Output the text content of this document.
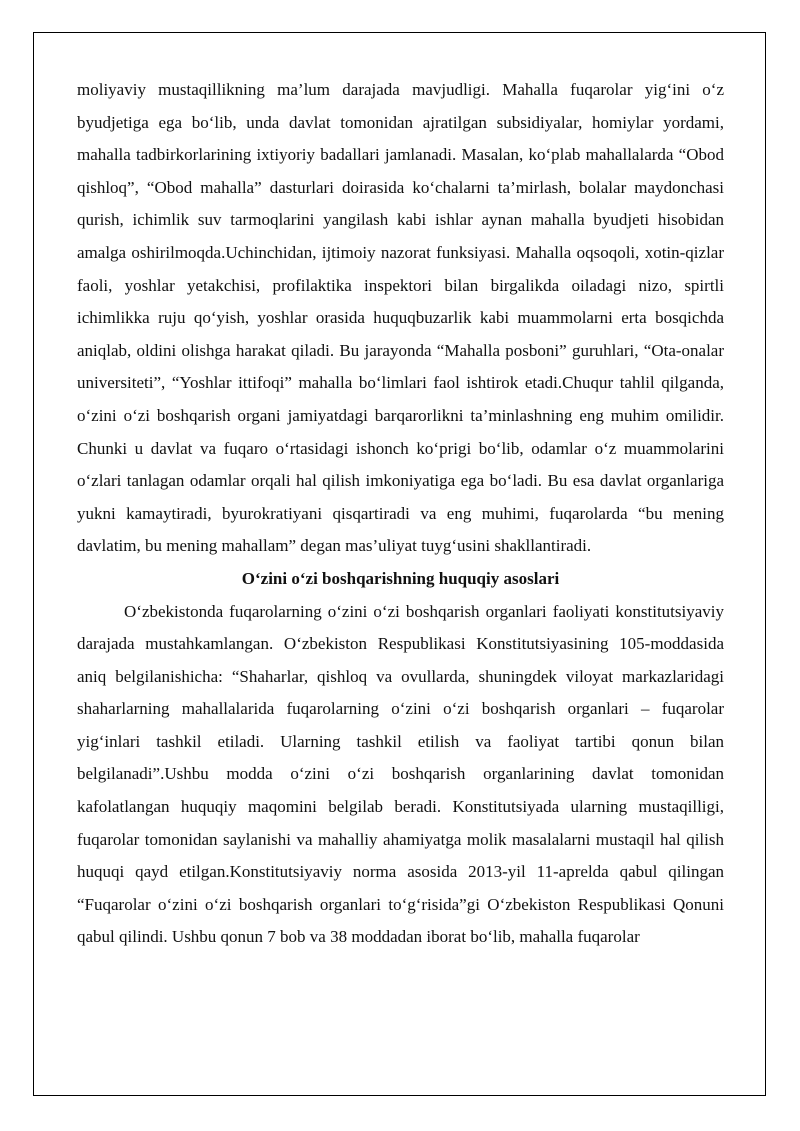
moliyaviy mustaqillikning ma’lum darajada mavjudligi. Mahalla fuqarolar yig‘ini o‘z byudjetiga ega bo‘lib, unda davlat tomonidan ajratilgan subsidiyalar, homiylar yordami, mahalla tadbirkorlarining ixtiyoriy badallari jamlanadi. Masalan, ko‘plab mahallalarda “Obod qishloq”, “Obod mahalla” dasturlari doirasida ko‘chalarni ta’mirlash, bolalar maydonchasi qurish, ichimlik suv tarmoqlarini yangilash kabi ishlar aynan mahalla byudjeti hisobidan amalga oshirilmoqda.Uchinchidan, ijtimoiy nazorat funksiyasi. Mahalla oqsoqoli, xotin-qizlar faoli, yoshlar yetakchisi, profilaktika inspektori bilan birgalikda oiladagi nizo, spirtli ichimlikka ruju qo‘yish, yoshlar orasida huquqbuzarlik kabi muammolarni erta bosqichda aniqlab, oldini olishga harakat qiladi. Bu jarayonda “Mahalla posboni” guruhlari, “Ota-onalar universiteti”, “Yoshlar ittifoqi” mahalla bo‘limlari faol ishtirok etadi.Chuqur tahlil qilganda, o‘zini o‘zi boshqarish organi jamiyatdagi barqarorlikni ta’minlashning eng muhim omilidir. Chunki u davlat va fuqaro o‘rtasidagi ishonch ko‘prigi bo‘lib, odamlar o‘z muammolarini o‘zlari tanlagan odamlar orqali hal qilish imkoniyatiga ega bo‘ladi. Bu esa davlat organlariga yukni kamaytiradi, byurokratiyani qisqartiradi va eng muhimi, fuqarolarda “bu mening davlatim, bu mening mahallam” degan mas’uliyat tuyg‘usini shakllantiradi.

O‘zini o‘zi boshqarishning huquqiy asoslari

O‘zbekistonda fuqarolarning o‘zini o‘zi boshqarish organlari faoliyati konstitutsiyaviy darajada mustahkamlangan. O‘zbekiston Respublikasi Konstitutsiyasining 105-moddasida aniq belgilanishicha: “Shaharlar, qishloq va ovullarda, shuningdek viloyat markazlaridagi shaharlarning mahallalarida fuqarolarning o‘zini o‘zi boshqarish organlari – fuqarolar yig‘inlari tashkil etiladi. Ularning tashkil etilish va faoliyat tartibi qonun bilan belgilanadi”.Ushbu modda o‘zini o‘zi boshqarish organlarining davlat tomonidan kafolatlangan huquqiy maqomini belgilab beradi. Konstitutsiyada ularning mustaqilligi, fuqarolar tomonidan saylanishi va mahalliy ahamiyatga molik masalalarni mustaqil hal qilish huquqi qayd etilgan.Konstitutsiyaviy norma asosida 2013-yil 11-aprelda qabul qilingan “Fuqarolar o‘zini o‘zi boshqarish organlari to‘g‘risida”gi O‘zbekiston Respublikasi Qonuni qabul qilindi. Ushbu qonun 7 bob va 38 moddadan iborat bo‘lib, mahalla fuqarolar
